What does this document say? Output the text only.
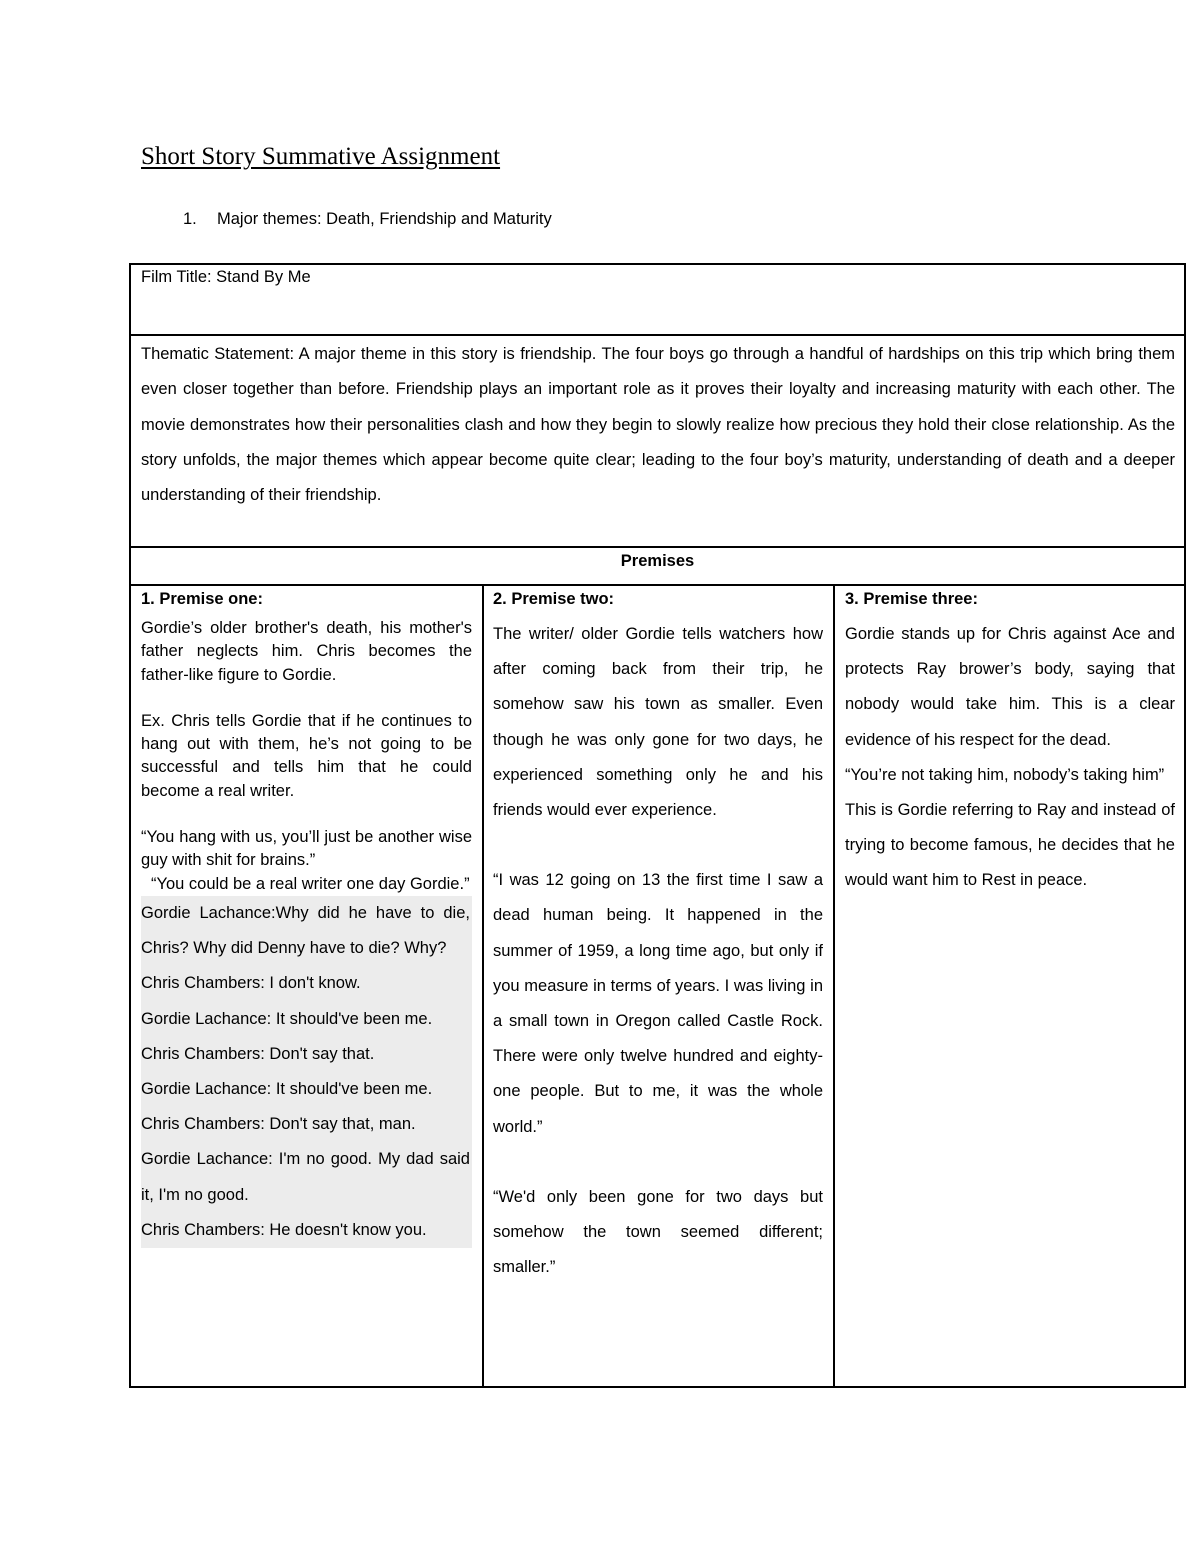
Short Story Summative Assignment
1. Major themes: Death, Friendship and Maturity
Film Title: Stand By Me
Thematic Statement: A major theme in this story is friendship. The four boys go through a handful of hardships on this trip which bring them even closer together than before. Friendship plays an important role as it proves their loyalty and increasing maturity with each other. The movie demonstrates how their personalities clash and how they begin to slowly realize how precious they hold their close relationship. As the story unfolds, the major themes which appear become quite clear; leading to the four boy’s maturity, understanding of death and a deeper understanding of their friendship.
Premises
1. Premise one:

Gordie’s older brother's death, his mother's father neglects him. Chris becomes the father-like figure to Gordie.

Ex. Chris tells Gordie that if he continues to hang out with them, he’s not going to be successful and tells him that he could become a real writer.

“You hang with us, you’ll just be another wise guy with shit for brains.”

“You could be a real writer one day Gordie.”

Gordie Lachance:Why did he have to die, Chris? Why did Denny have to die? Why?
Chris Chambers: I don't know.
Gordie Lachance: It should've been me.
Chris Chambers: Don't say that.
Gordie Lachance: It should've been me.
Chris Chambers: Don't say that, man.
Gordie Lachance: I'm no good. My dad said it, I'm no good.
Chris Chambers: He doesn't know you.
2. Premise two:

The writer/ older Gordie tells watchers how after coming back from their trip, he somehow saw his town as smaller. Even though he was only gone for two days, he experienced something only he and his friends would ever experience.

“I was 12 going on 13 the first time I saw a dead human being. It happened in the summer of 1959, a long time ago, but only if you measure in terms of years. I was living in a small town in Oregon called Castle Rock. There were only twelve hundred and eighty-one people. But to me, it was the whole world.”

“We'd only been gone for two days but somehow the town seemed different; smaller.”

3. Premise three:

Gordie stands up for Chris against Ace and protects Ray brower’s body, saying that nobody would take him. This is a clear evidence of his respect for the dead.

“You’re not taking him, nobody’s taking him”

This is Gordie referring to Ray and instead of trying to become famous, he decides that he would want him to Rest in peace.
